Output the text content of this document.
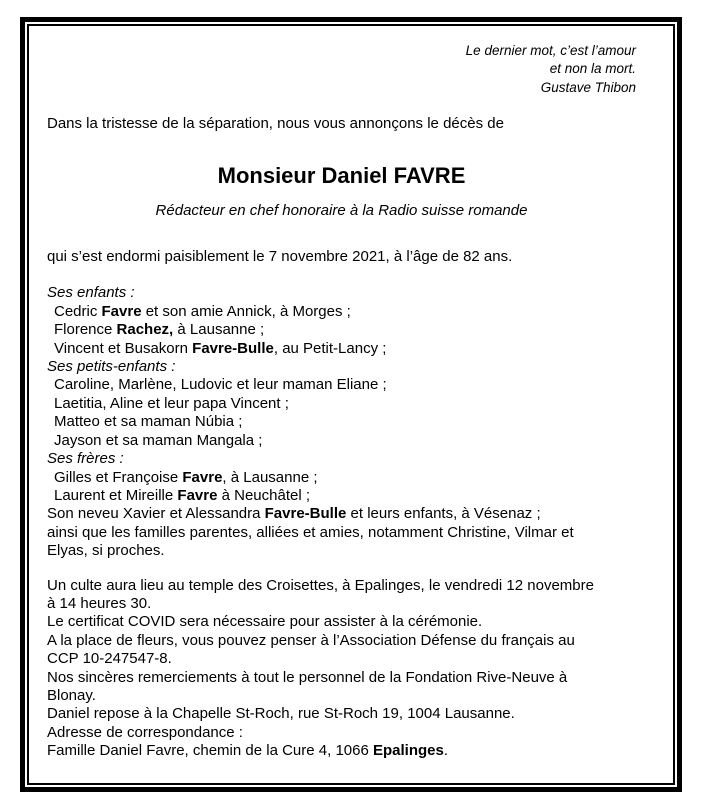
Le dernier mot, c’est l’amour
et non la mort.
Gustave Thibon
Dans la tristesse de la séparation, nous vous annonçons le décès de
Monsieur Daniel FAVRE
Rédacteur en chef honoraire à la Radio suisse romande
qui s’est endormi paisiblement le 7 novembre 2021, à l’âge de 82 ans.
Ses enfants :
Cedric Favre et son amie Annick, à Morges ;
Florence Rachez, à Lausanne ;
Vincent et Busakorn Favre-Bulle, au Petit-Lancy ;
Ses petits-enfants :
Caroline, Marlène, Ludovic et leur maman Eliane ;
Laetitia, Aline et leur papa Vincent ;
Matteo et sa maman Núbia ;
Jayson et sa maman Mangala ;
Ses frères :
Gilles et Françoise Favre, à Lausanne ;
Laurent et Mireille Favre à Neuchâtel ;
Son neveu Xavier et Alessandra Favre-Bulle et leurs enfants, à Vésenaz ;
ainsi que les familles parentes, alliées et amies, notamment Christine, Vilmar et
Elyas, si proches.
Un culte aura lieu au temple des Croisettes, à Epalinges, le vendredi 12 novembre
à 14 heures 30.
Le certificat COVID sera nécessaire pour assister à la cérémonie.
A la place de fleurs, vous pouvez penser à l’Association Défense du français au
CCP 10-247547-8.
Nos sincères remerciements à tout le personnel de la Fondation Rive-Neuve à
Blonay.
Daniel repose à la Chapelle St-Roch, rue St-Roch 19, 1004 Lausanne.
Adresse de correspondance :
Famille Daniel Favre, chemin de la Cure 4, 1066 Epalinges.
